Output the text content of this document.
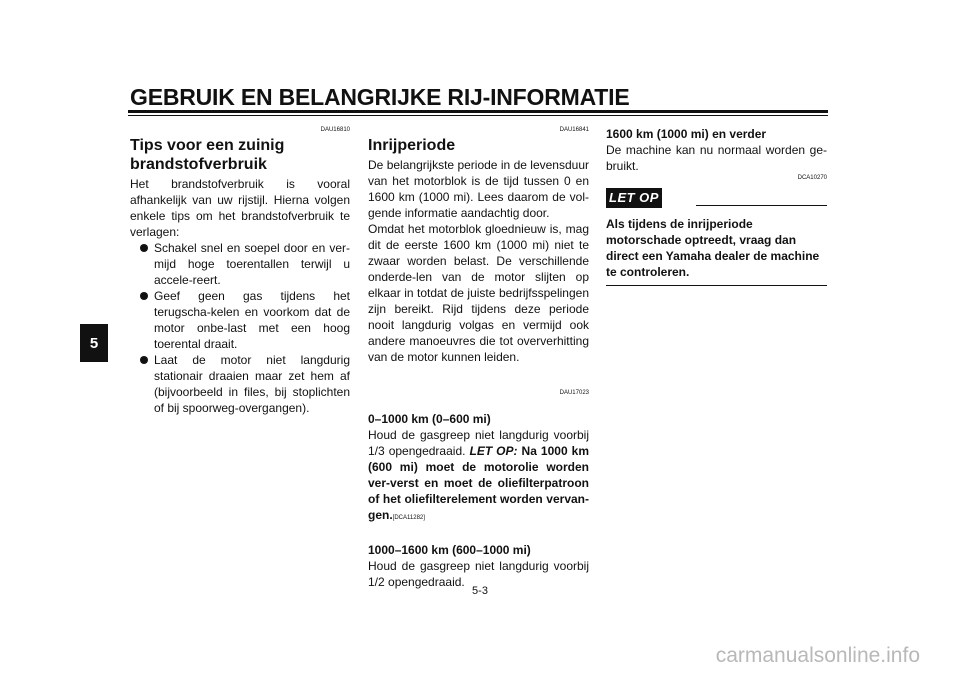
GEBRUIK EN BELANGRIJKE RIJ-INFORMATIE
5
DAU16810
Tips voor een zuinig brandstofverbruik

Het brandstofverbruik is vooral afhankelijk van uw rijstijl. Hierna volgen enkele tips om het brandstofverbruik te verlagen:

Schakel snel en soepel door en ver-mijd hoge toerentallen terwijl u accele-reert.
Geef geen gas tijdens het terugscha-kelen en voorkom dat de motor onbe-last met een hoog toerental draait.
Laat de motor niet langdurig stationair draaien maar zet hem af (bijvoorbeeld in files, bij stoplichten of bij spoorweg-overgangen).
DAU16841
Inrijperiode

De belangrijkste periode in de levensduur van het motorblok is de tijd tussen 0 en 1600 km (1000 mi). Lees daarom de vol-gende informatie aandachtig door.

Omdat het motorblok gloednieuw is, mag dit de eerste 1600 km (1000 mi) niet te zwaar worden belast. De verschillende onderde-len van de motor slijten op elkaar in totdat de juiste bedrijfsspelingen zijn bereikt. Rijd tijdens deze periode nooit langdurig volgas en vermijd ook andere manoeuvres die tot oververhitting van de motor kunnen leiden.

DAU17023

0–1000 km (0–600 mi)

Houd de gasgreep niet langdurig voorbij 1/3 opengedraaid. LET OP: Na 1000 km (600 mi) moet de motorolie worden ver-verst en moet de oliefilterpatroon of het oliefilterelement worden vervan-gen.[DCA11282]

1000–1600 km (600–1000 mi)

Houd de gasgreep niet langdurig voorbij 1/2 opengedraaid.

1600 km (1000 mi) en verder

De machine kan nu normaal worden ge-bruikt.

DCA10270
LET OP

Als tijdens de inrijperiode motorschade optreedt, vraag dan direct een Yamaha dealer de machine te controleren.

5-3
carmanualsonline.info
